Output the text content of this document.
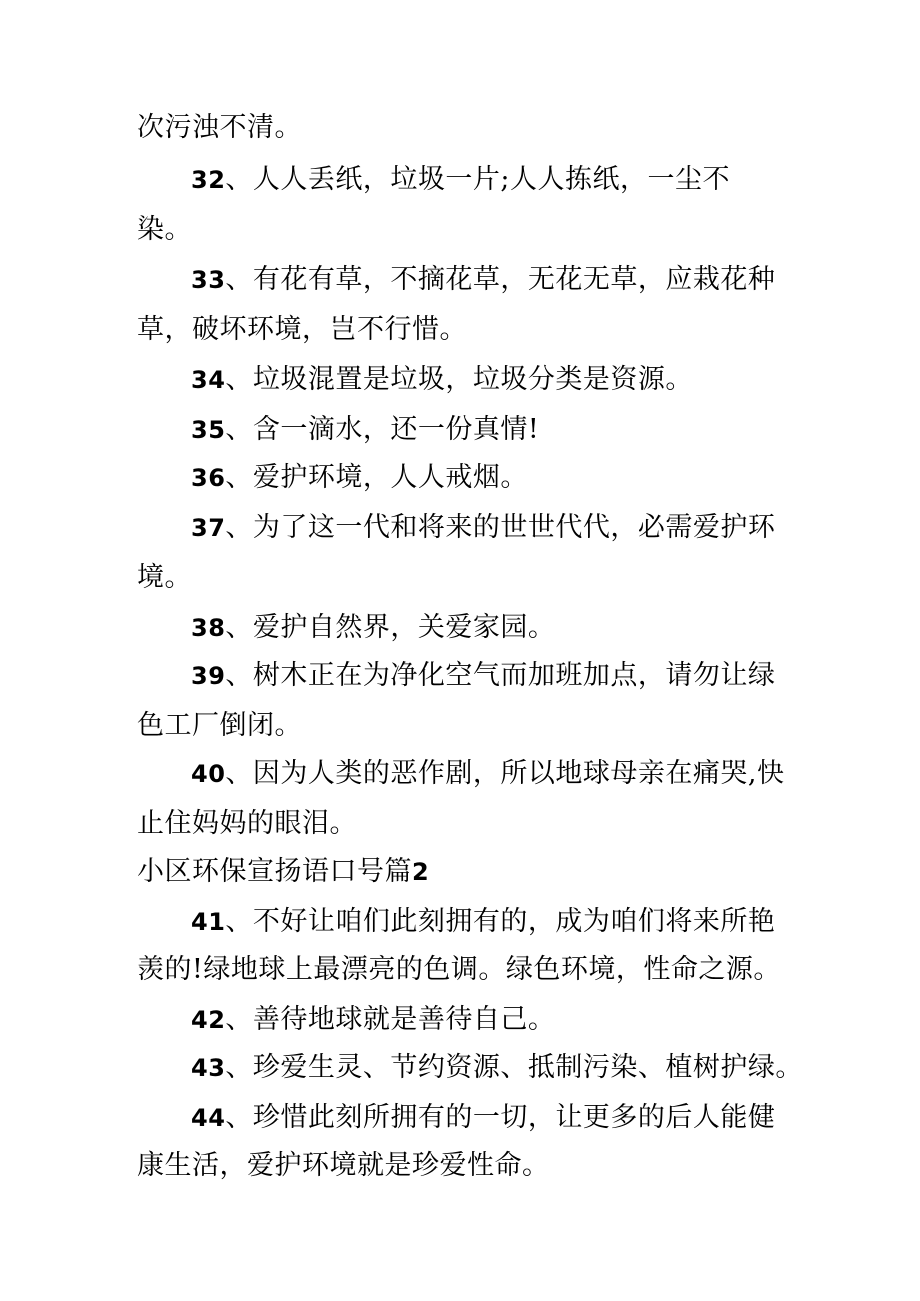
次污浊不清。
32、人人丢纸，垃圾一片;人人拣纸，一尘不
染。
33、有花有草，不摘花草，无花无草，应栽花种
草，破坏环境，岂不行惜。
34、垃圾混置是垃圾，垃圾分类是资源。
35、含一滴水，还一份真情!
36、爱护环境，人人戒烟。
37、为了这一代和将来的世世代代，必需爱护环
境。
38、爱护自然界，关爱家园。
39、树木正在为净化空气而加班加点，请勿让绿
色工厂倒闭。
40、因为人类的恶作剧，所以地球母亲在痛哭,快
止住妈妈的眼泪。
小区环保宣扬语口号篇2
41、不好让咱们此刻拥有的，成为咱们将来所艳
羡的!绿地球上最漂亮的色调。绿色环境，性命之源。
42、善待地球就是善待自己。
43、珍爱生灵、节约资源、抵制污染、植树护绿。
44、珍惜此刻所拥有的一切，让更多的后人能健
康生活，爱护环境就是珍爱性命。
